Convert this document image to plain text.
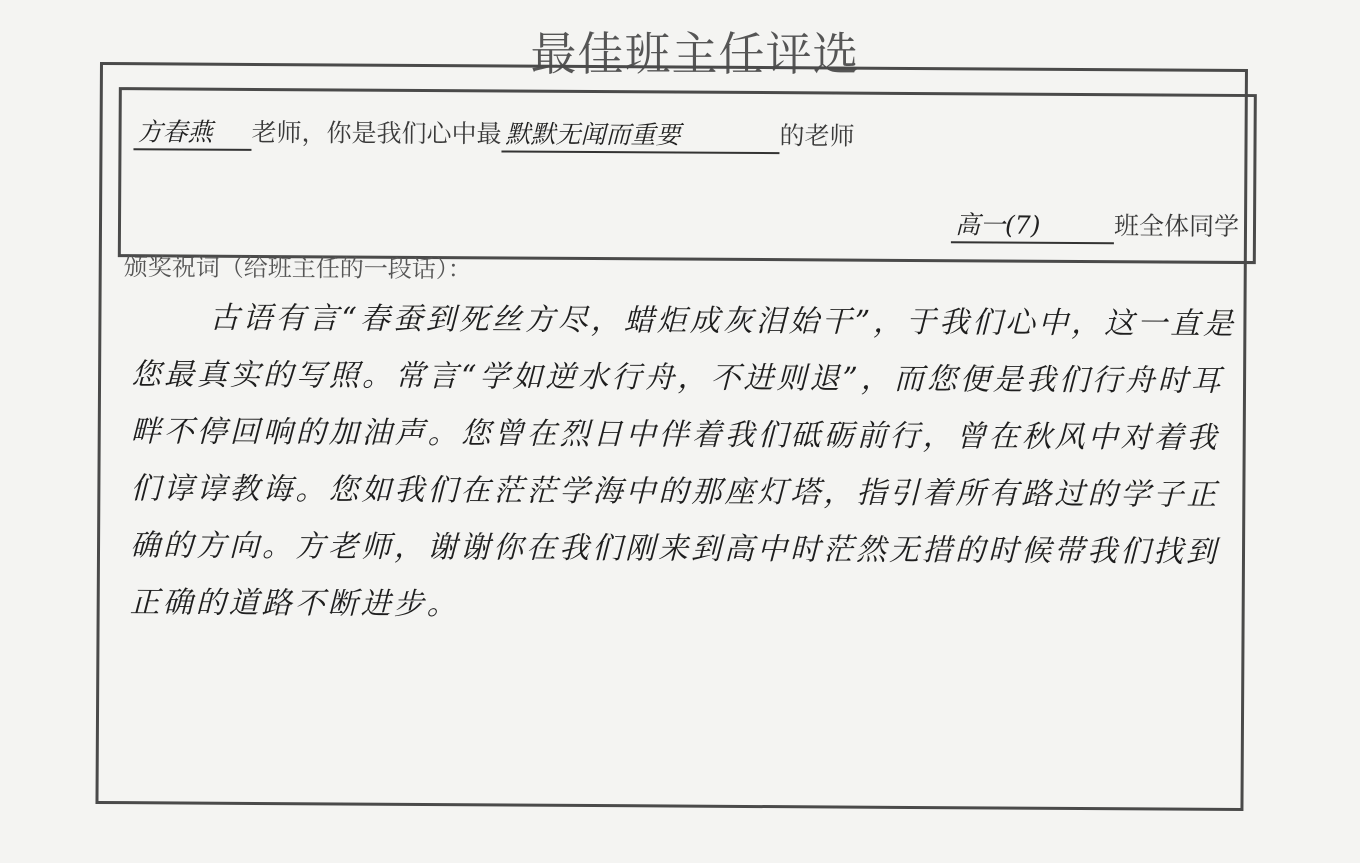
最佳班主任评选
方春燕 老师，你是我们心中最 默默无闻而重要	的老师
高一(7)	班全体同学
颁奖祝词（给班主任的一段话）：
古语有言“春蚕到死丝方尽，蜡炬成灰泪始干”，于我们心中，这一直是您最真实的写照。常言“学如逆水行舟，不进则退”，而您便是我们行舟时耳畔不停回响的加油声。您曾在烈日中伴着我们砥砺前行，曾在秋风中对着我们谆谆教诲。您如我们在茫茫学海中的那座灯塔，指引着所有路过的学子正确的方向。方老师，谢谢你在我们刚来到高中时茫然无措的时候带我们找到正确的道路不断进步。
